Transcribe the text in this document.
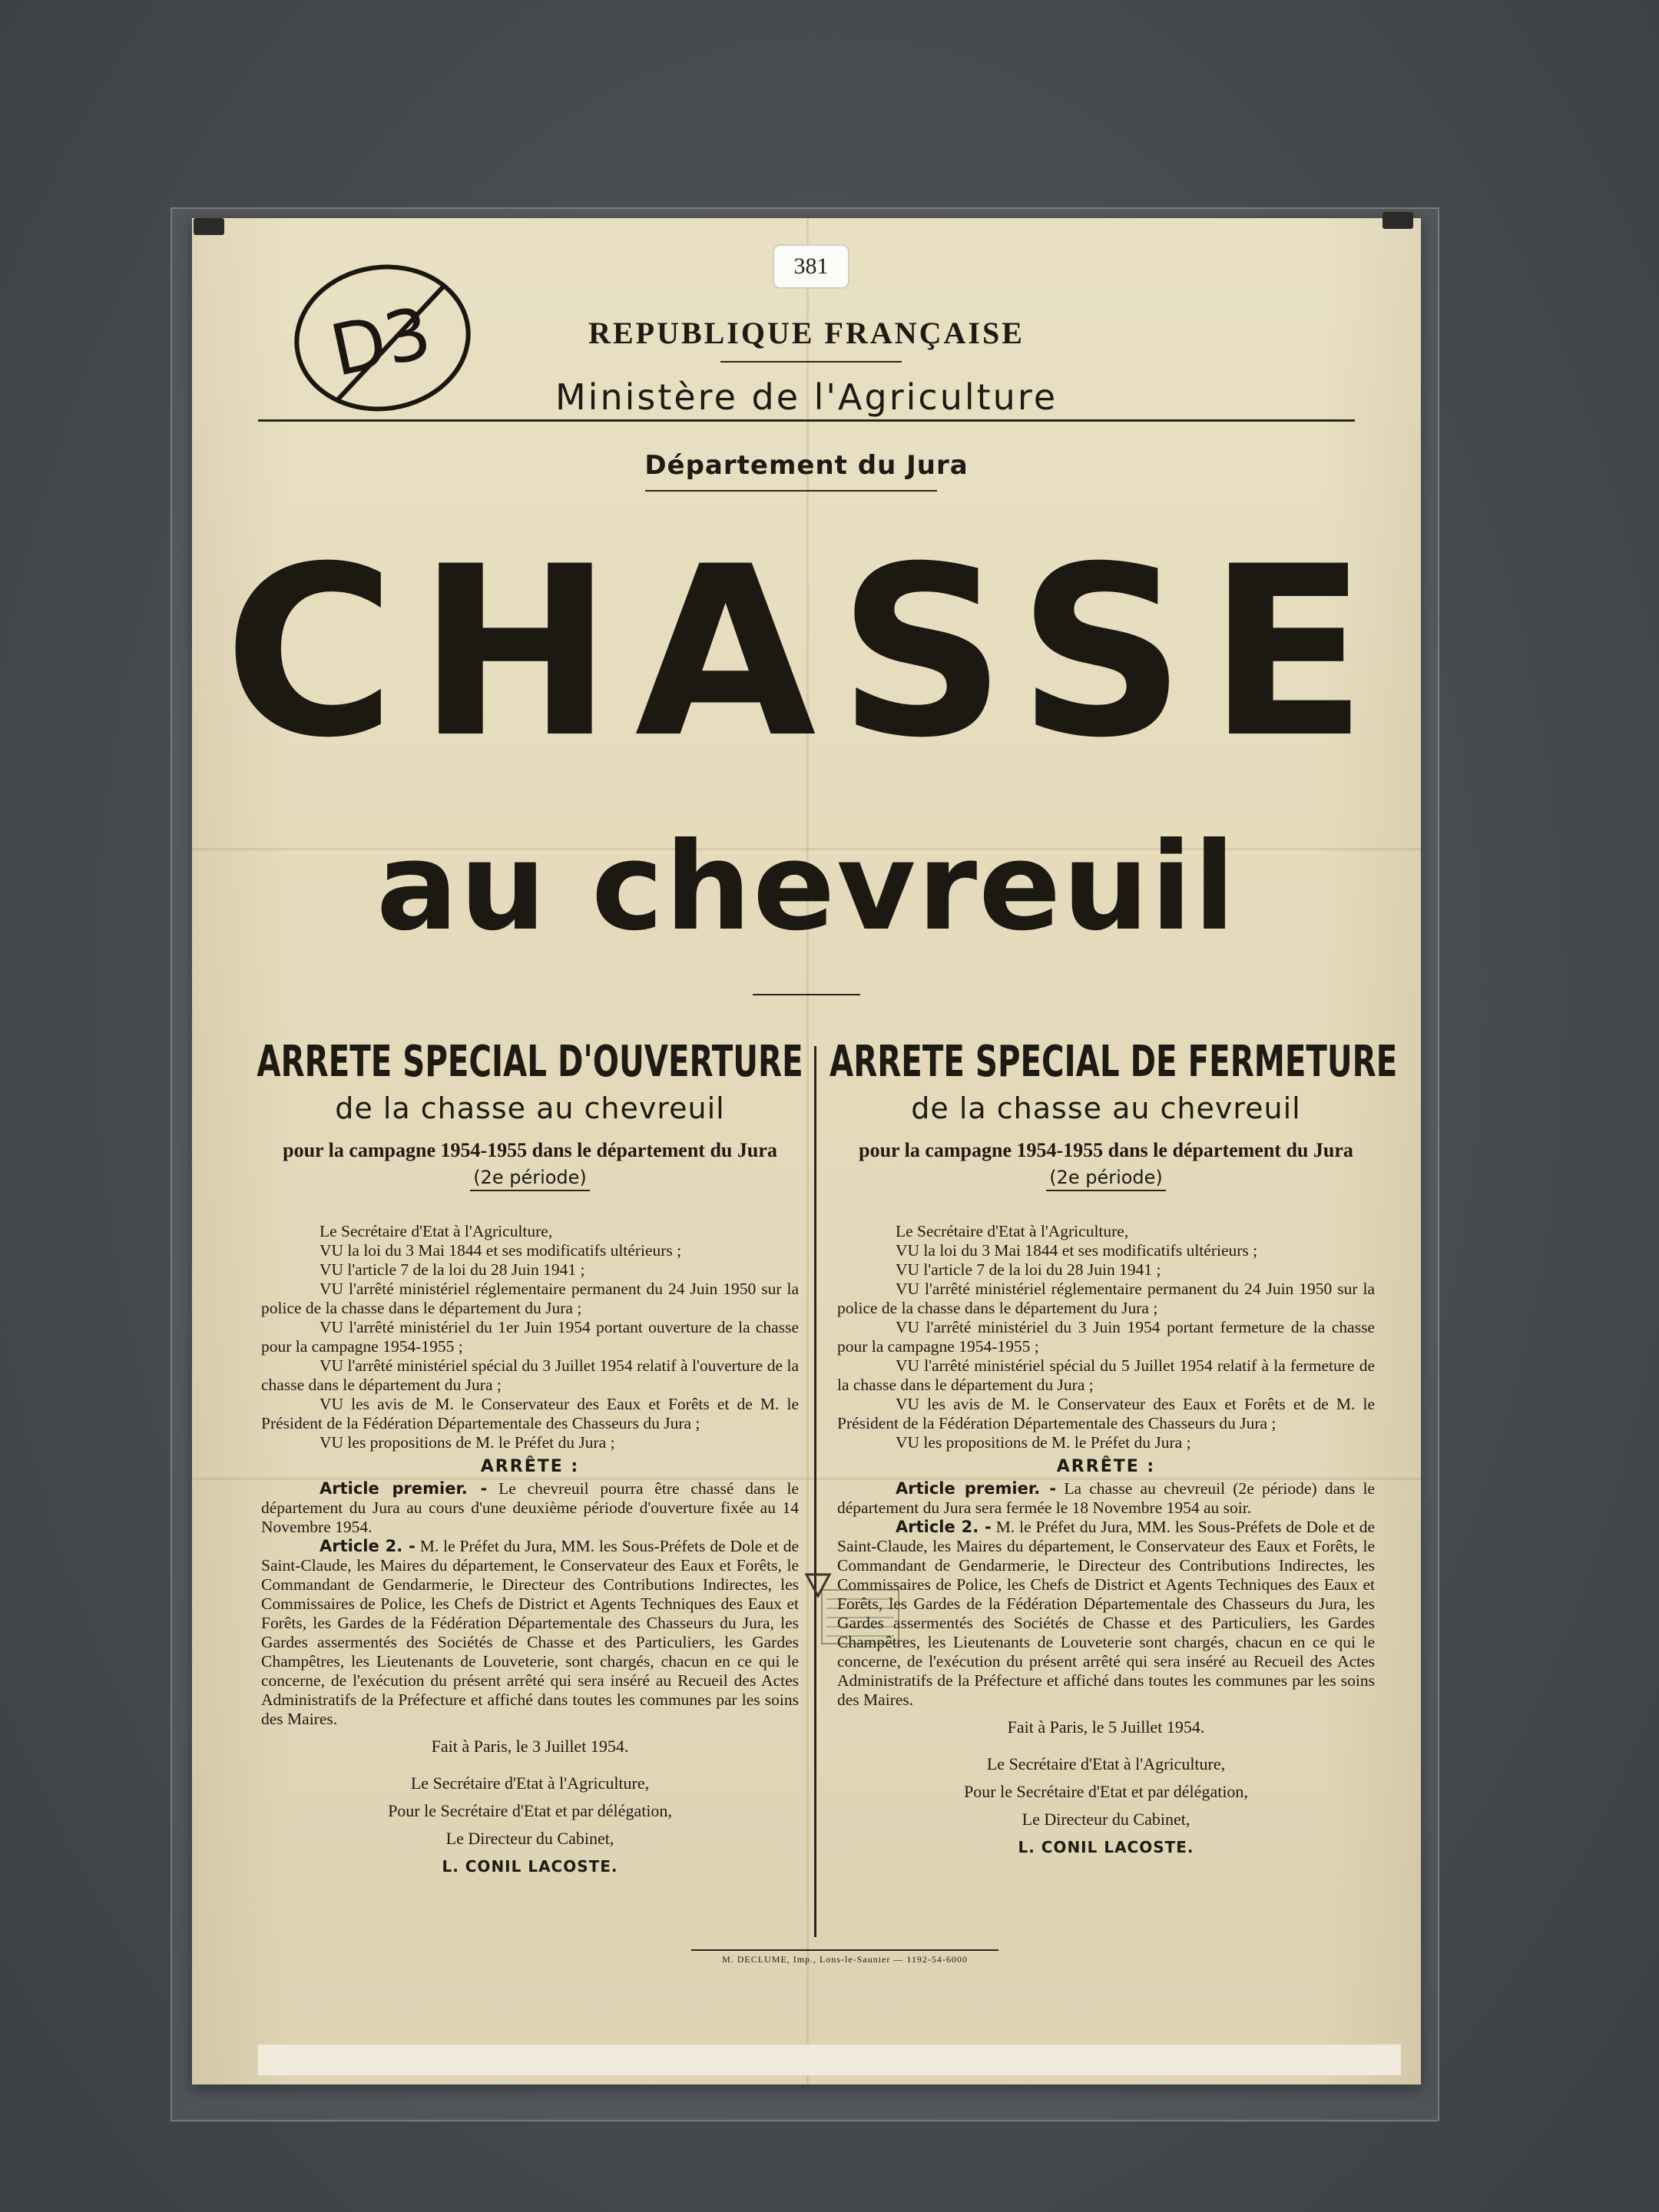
381
D3	REPUBLIQUE FRANÇAISE
Ministère de l'Agriculture
Département du Jura
CHASSE
au chevreuil
ARRETE SPECIAL D'OUVERTURE
de la chasse au chevreuil
pour la campagne 1954-1955 dans le département du Jura
(2e période)

Le Secrétaire d'Etat à l'Agriculture,

VU la loi du 3 Mai 1844 et ses modificatifs ultérieurs ;

VU l'article 7 de la loi du 28 Juin 1941 ;

VU l'arrêté ministériel réglementaire permanent du 24 Juin 1950 sur la police de la chasse dans le département du Jura ;

VU l'arrêté ministériel du 1er Juin 1954 portant ouverture de la chasse pour la campagne 1954-1955 ;

VU l'arrêté ministériel spécial du 3 Juillet 1954 relatif à l'ouverture de la chasse dans le département du Jura ;

VU les avis de M. le Conservateur des Eaux et Forêts et de M. le Président de la Fédération Départementale des Chasseurs du Jura ;

VU les propositions de M. le Préfet du Jura ;

ARRÊTE :

Article premier. - Le chevreuil pourra être chassé dans le département du Jura au cours d'une deuxième période d'ouverture fixée au 14 Novembre 1954.

Article 2. - M. le Préfet du Jura, MM. les Sous-Préfets de Dole et de Saint-Claude, les Maires du département, le Conservateur des Eaux et Forêts, le Commandant de Gendarmerie, le Directeur des Contributions Indirectes, les Commissaires de Police, les Chefs de District et Agents Techniques des Eaux et Forêts, les Gardes de la Fédération Départementale des Chasseurs du Jura, les Gardes assermentés des Sociétés de Chasse et des Particuliers, les Gardes Champêtres, les Lieutenants de Louveterie, sont chargés, chacun en ce qui le concerne, de l'exécution du présent arrêté qui sera inséré au Recueil des Actes Administratifs de la Préfecture et affiché dans toutes les communes par les soins des Maires.

Fait à Paris, le 3 Juillet 1954.
Le Secrétaire d'Etat à l'Agriculture,
Pour le Secrétaire d'Etat et par délégation,
Le Directeur du Cabinet,
L. CONIL LACOSTE.
ARRETE SPECIAL DE FERMETURE
de la chasse au chevreuil
pour la campagne 1954-1955 dans le département du Jura
(2e période)

Le Secrétaire d'Etat à l'Agriculture,

VU la loi du 3 Mai 1844 et ses modificatifs ultérieurs ;

VU l'article 7 de la loi du 28 Juin 1941 ;

VU l'arrêté ministériel réglementaire permanent du 24 Juin 1950 sur la police de la chasse dans le département du Jura ;

VU l'arrêté ministériel du 3 Juin 1954 portant fermeture de la chasse pour la campagne 1954-1955 ;

VU l'arrêté ministériel spécial du 5 Juillet 1954 relatif à la fermeture de la chasse dans le département du Jura ;

VU les avis de M. le Conservateur des Eaux et Forêts et de M. le Président de la Fédération Départementale des Chasseurs du Jura ;

VU les propositions de M. le Préfet du Jura ;

ARRÊTE :

Article premier. - La chasse au chevreuil (2e période) dans le département du Jura sera fermée le 18 Novembre 1954 au soir.

Article 2. - M. le Préfet du Jura, MM. les Sous-Préfets de Dole et de Saint-Claude, les Maires du département, le Conservateur des Eaux et Forêts, le Commandant de Gendarmerie, le Directeur des Contributions Indirectes, les Commissaires de Police, les Chefs de District et Agents Techniques des Eaux et Forêts, les Gardes de la Fédération Départementale des Chasseurs du Jura, les Gardes assermentés des Sociétés de Chasse et des Particuliers, les Gardes Champêtres, les Lieutenants de Louveterie sont chargés, chacun en ce qui le concerne, de l'exécution du présent arrêté qui sera inséré au Recueil des Actes Administratifs de la Préfecture et affiché dans toutes les communes par les soins des Maires.

Fait à Paris, le 5 Juillet 1954.
Le Secrétaire d'Etat à l'Agriculture,
Pour le Secrétaire d'Etat et par délégation,
Le Directeur du Cabinet,
L. CONIL LACOSTE.
M. DECLUME, Imp., Lons-le-Saunier — 1192-54-6000
